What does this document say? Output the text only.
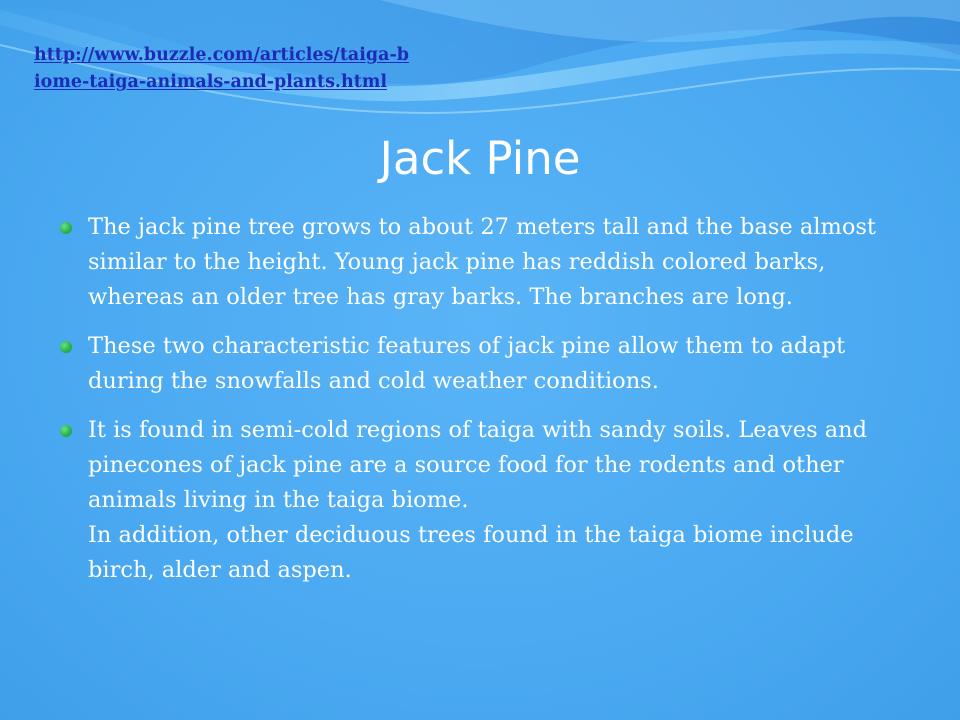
http://www.buzzle.com/articles/taiga-biome-taiga-animals-and-plants.html
Jack Pine
The jack pine tree grows to about 27 meters tall and the base almost similar to the height. Young jack pine has reddish colored barks, whereas an older tree has gray barks. The branches are long.
These two characteristic features of jack pine allow them to adapt during the snowfalls and cold weather conditions.
It is found in semi-cold regions of taiga with sandy soils. Leaves and pinecones of jack pine are a source food for the rodents and other animals living in the taiga biome.
In addition, other deciduous trees found in the taiga biome include birch, alder and aspen.
